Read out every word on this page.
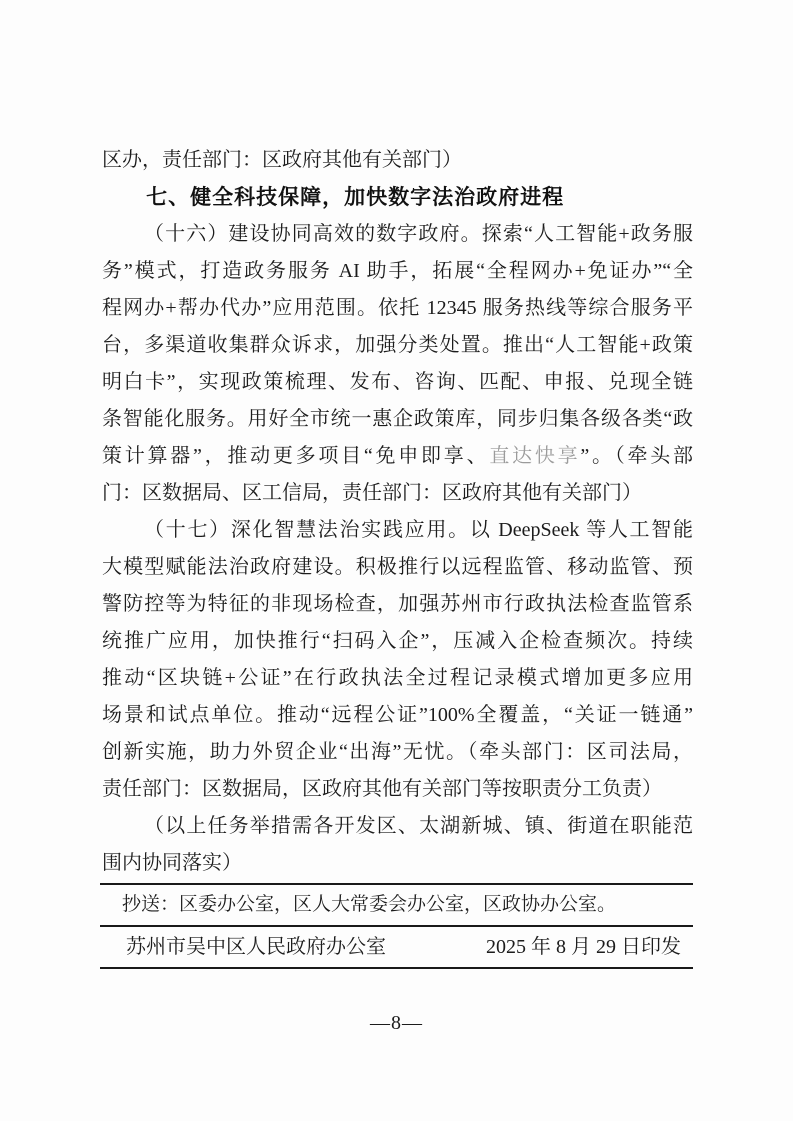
区办，责任部门：区政府其他有关部门）
七、健全科技保障，加快数字法治政府进程
（十六）建设协同高效的数字政府。探索“人工智能+政务服
务”模式，打造政务服务 AI 助手，拓展“全程网办+免证办”“全
程网办+帮办代办”应用范围。依托 12345 服务热线等综合服务平
台，多渠道收集群众诉求，加强分类处置。推出“人工智能+政策
明白卡”，实现政策梳理、发布、咨询、匹配、申报、兑现全链
条智能化服务。用好全市统一惠企政策库，同步归集各级各类“政
策计算器”，推动更多项目“免申即享、直达快享”。（牵头部
门：区数据局、区工信局，责任部门：区政府其他有关部门）
（十七）深化智慧法治实践应用。以 DeepSeek 等人工智能
大模型赋能法治政府建设。积极推行以远程监管、移动监管、预
警防控等为特征的非现场检查，加强苏州市行政执法检查监管系
统推广应用，加快推行“扫码入企”，压减入企检查频次。持续
推动“区块链+公证”在行政执法全过程记录模式增加更多应用
场景和试点单位。推动“远程公证”100%全覆盖，“关证一链通”
创新实施，助力外贸企业“出海”无忧。（牵头部门：区司法局，
责任部门：区数据局，区政府其他有关部门等按职责分工负责）
（以上任务举措需各开发区、太湖新城、镇、街道在职能范
围内协同落实）
抄送：区委办公室，区人大常委会办公室，区政协办公室。
苏州市吴中区人民政府办公室	2025 年 8 月 29 日印发
—8—
